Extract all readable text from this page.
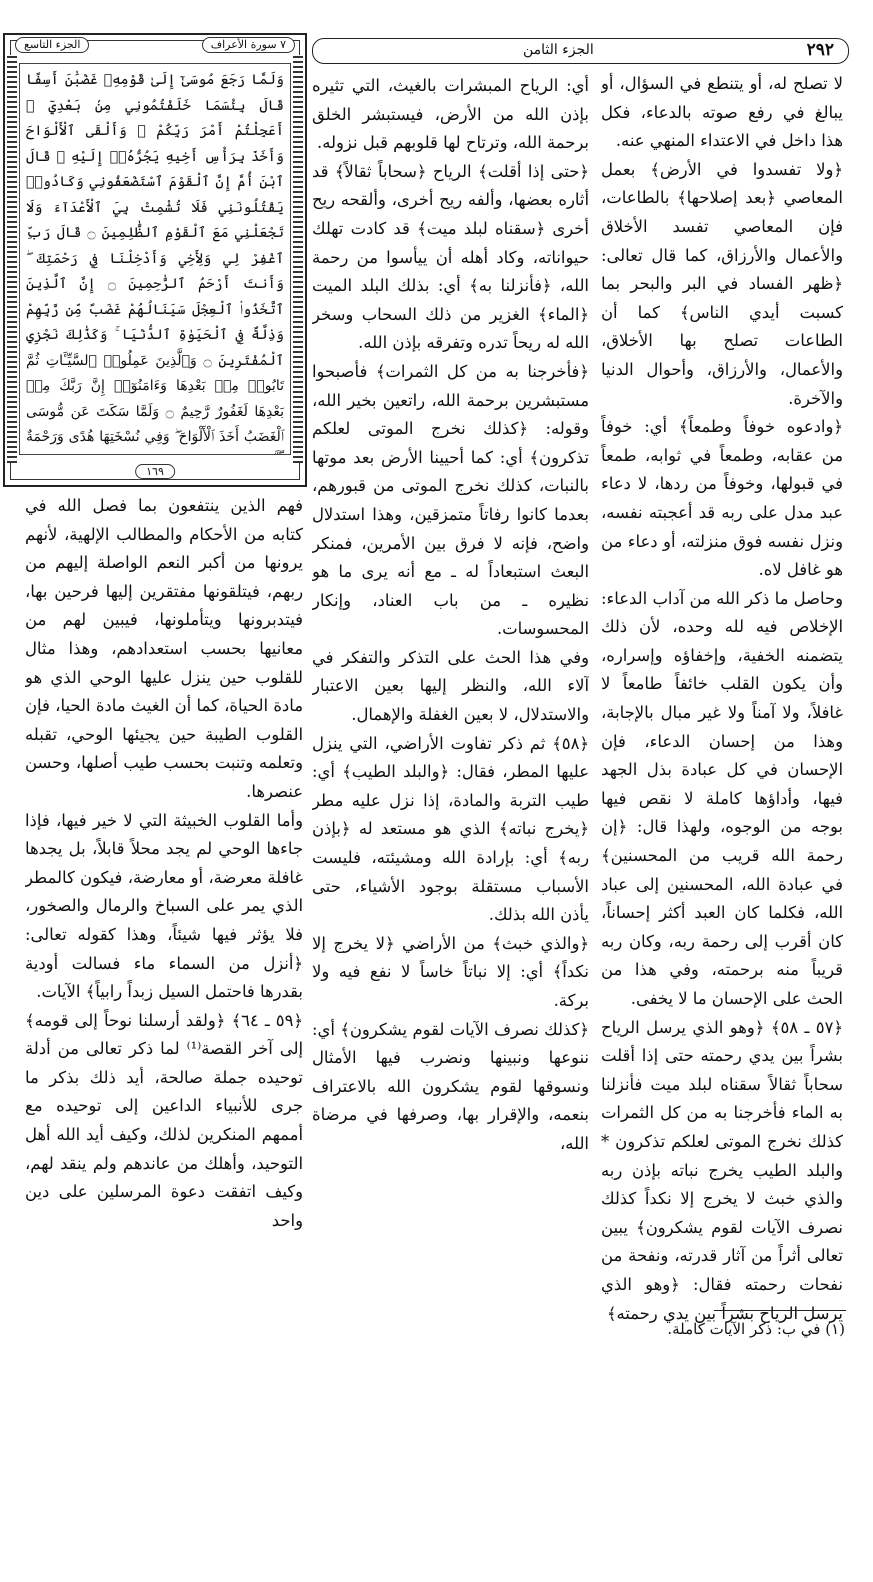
٢٩٢
الجزء الثامن

لا تصلح له، أو يتنطع في السؤال، أو يبالغ في رفع صوته بالدعاء، فكل هذا داخل في الاعتداء المنهي عنه.

﴿ولا تفسدوا في الأرض﴾ بعمل المعاصي ﴿بعد إصلاحها﴾ بالطاعات، فإن المعاصي تفسد الأخلاق والأعمال والأرزاق، كما قال تعالى: ﴿ظهر الفساد في البر والبحر بما كسبت أيدي الناس﴾ كما أن الطاعات تصلح بها الأخلاق، والأعمال، والأرزاق، وأحوال الدنيا والآخرة.

﴿وادعوه خوفاً وطمعاً﴾ أي: خوفاً من عقابه، وطمعاً في ثوابه، طمعاً في قبولها، وخوفاً من ردها، لا دعاء عبد مدل على ربه قد أعجبته نفسه، ونزل نفسه فوق منزلته، أو دعاء من هو غافل لاه.

وحاصل ما ذكر الله من آداب الدعاء: الإخلاص فيه لله وحده، لأن ذلك يتضمنه الخفية، وإخفاؤه وإسراره، وأن يكون القلب خائفاً طامعاً لا غافلاً، ولا آمناً ولا غير مبال بالإجابة، وهذا من إحسان الدعاء، فإن الإحسان في كل عبادة بذل الجهد فيها، وأداؤها كاملة لا نقص فيها بوجه من الوجوه، ولهذا قال: ﴿إن رحمة الله قريب من المحسنين﴾ في عبادة الله، المحسنين إلى عباد الله، فكلما كان العبد أكثر إحساناً، كان أقرب إلى رحمة ربه، وكان ربه قريباً منه برحمته، وفي هذا من الحث على الإحسان ما لا يخفى.

﴿٥٧ ـ ٥٨﴾ ﴿وهو الذي يرسل الرياح بشراً بين يدي رحمته حتى إذا أقلت سحاباً ثقالاً سقناه لبلد ميت فأنزلنا به الماء فأخرجنا به من كل الثمرات كذلك نخرج الموتى لعلكم تذكرون * والبلد الطيب يخرج نباته بإذن ربه والذي خبث لا يخرج إلا نكداً كذلك نصرف الآيات لقوم يشكرون﴾ يبين تعالى أثراً من آثار قدرته، ونفحة من نفحات رحمته فقال: ﴿وهو الذي يرسل الرياح بشراً بين يدي رحمته﴾

أي: الرياح المبشرات بالغيث، التي تثيره بإذن الله من الأرض، فيستبشر الخلق برحمة الله، وترتاح لها قلوبهم قبل نزوله.

﴿حتى إذا أقلت﴾ الرياح ﴿سحاباً ثقالاً﴾ قد أثاره بعضها، وألفه ريح أخرى، وألقحه ريح أخرى ﴿سقناه لبلد ميت﴾ قد كادت تهلك حيواناته، وكاد أهله أن ييأسوا من رحمة الله، ﴿فأنزلنا به﴾ أي: بذلك البلد الميت ﴿الماء﴾ الغزير من ذلك السحاب وسخر الله له ريحاً تدره وتفرقه بإذن الله.

﴿فأخرجنا به من كل الثمرات﴾ فأصبحوا مستبشرين برحمة الله، راتعين بخير الله، وقوله: ﴿كذلك نخرج الموتى لعلكم تذكرون﴾ أي: كما أحيينا الأرض بعد موتها بالنبات، كذلك نخرج الموتى من قبورهم، بعدما كانوا رفاتاً متمزقين، وهذا استدلال واضح، فإنه لا فرق بين الأمرين، فمنكر البعث استبعاداً له ـ مع أنه يرى ما هو نظيره ـ من باب العناد، وإنكار المحسوسات.

وفي هذا الحث على التذكر والتفكر في آلاء الله، والنظر إليها بعين الاعتبار والاستدلال، لا بعين الغفلة والإهمال.

﴿٥٨﴾ ثم ذكر تفاوت الأراضي، التي ينزل عليها المطر، فقال: ﴿والبلد الطيب﴾ أي: طيب التربة والمادة، إذا نزل عليه مطر ﴿يخرج نباته﴾ الذي هو مستعد له ﴿بإذن ربه﴾ أي: بإرادة الله ومشيئته، فليست الأسباب مستقلة بوجود الأشياء، حتى يأذن الله بذلك.

﴿والذي خبث﴾ من الأراضي ﴿لا يخرج إلا نكداً﴾ أي: إلا نباتاً خاساً لا نفع فيه ولا بركة.

﴿كذلك نصرف الآيات لقوم يشكرون﴾ أي: ننوعها ونبينها ونضرب فيها الأمثال ونسوقها لقوم يشكرون الله بالاعتراف بنعمه، والإقرار بها، وصرفها في مرضاة الله،

٧ سورة الأعراف
الجزء التاسع
وَلَمَّا رَجَعَ مُوسَىٰٓ إِلَىٰ قَوْمِهِۦ غَضْبَٰنَ أَسِفًا قَالَ بِئْسَمَا خَلَفْتُمُونِي مِنۢ بَعْدِيٓ ۖ أَعَجِلْتُمْ أَمْرَ رَبِّكُمْ ۖ وَأَلْقَى ٱلْأَلْوَاحَ وَأَخَذَ بِرَأْسِ أَخِيهِ يَجُرُّهُۥٓ إِلَيْهِ ۚ قَالَ ٱبْنَ أُمَّ إِنَّ ٱلْقَوْمَ ٱسْتَضْعَفُونِي وَكَادُوا۟ يَقْتُلُونَنِي فَلَا تُشْمِتْ بِيَ ٱلْأَعْدَآءَ وَلَا تَجْعَلْنِي مَعَ ٱلْقَوْمِ ٱلظَّٰلِمِينَ ۝ قَالَ رَبِّ ٱغْفِرْ لِي وَلِأَخِي وَأَدْخِلْنَا فِي رَحْمَتِكَ ۖ وَأَنتَ أَرْحَمُ ٱلرَّٰحِمِينَ ۝ إِنَّ ٱلَّذِينَ ٱتَّخَذُوا۟ ٱلْعِجْلَ سَيَنَالُهُمْ غَضَبٌ مِّن رَّبِّهِمْ وَذِلَّةٌ فِي ٱلْحَيَوٰةِ ٱلدُّنْيَا ۚ وَكَذَٰلِكَ نَجْزِي ٱلْمُفْتَرِينَ ۝ وَٱلَّذِينَ عَمِلُوا۟ ٱلسَّيِّـَٔاتِ ثُمَّ تَابُوا۟ مِنۢ بَعْدِهَا وَءَامَنُوٓا۟ إِنَّ رَبَّكَ مِنۢ بَعْدِهَا لَغَفُورٌ رَّحِيمٌ ۝ وَلَمَّا سَكَتَ عَن مُّوسَى ٱلْغَضَبُ أَخَذَ ٱلْأَلْوَاحَ ۖ وَفِي نُسْخَتِهَا هُدًى وَرَحْمَةٌ
١٦٩

فهم الذين ينتفعون بما فصل الله في كتابه من الأحكام والمطالب الإلهية، لأنهم يرونها من أكبر النعم الواصلة إليهم من ربهم، فيتلقونها مفتقرين إليها فرحين بها، فيتدبرونها ويتأملونها، فيبين لهم من معانيها بحسب استعدادهم، وهذا مثال للقلوب حين ينزل عليها الوحي الذي هو مادة الحياة، كما أن الغيث مادة الحيا، فإن القلوب الطيبة حين يجيئها الوحي، تقبله وتعلمه وتنبت بحسب طيب أصلها، وحسن عنصرها.

وأما القلوب الخبيثة التي لا خير فيها، فإذا جاءها الوحي لم يجد محلاً قابلاً، بل يجدها غافلة معرضة، أو معارضة، فيكون كالمطر الذي يمر على السباخ والرمال والصخور، فلا يؤثر فيها شيئاً، وهذا كقوله تعالى: ﴿أنزل من السماء ماء فسالت أودية بقدرها فاحتمل السيل زبداً رابياً﴾ الآيات.

﴿٥٩ ـ ٦٤﴾ ﴿ولقد أرسلنا نوحاً إلى قومه﴾ إلى آخر القصة⁽¹⁾ لما ذكر تعالى من أدلة توحيده جملة صالحة، أيد ذلك بذكر ما جرى للأنبياء الداعين إلى توحيده مع أممهم المنكرين لذلك، وكيف أيد الله أهل التوحيد، وأهلك من عاندهم ولم ينقد لهم، وكيف اتفقت دعوة المرسلين على دين واحد

(١) في ب: ذكر الآيات كاملة.
